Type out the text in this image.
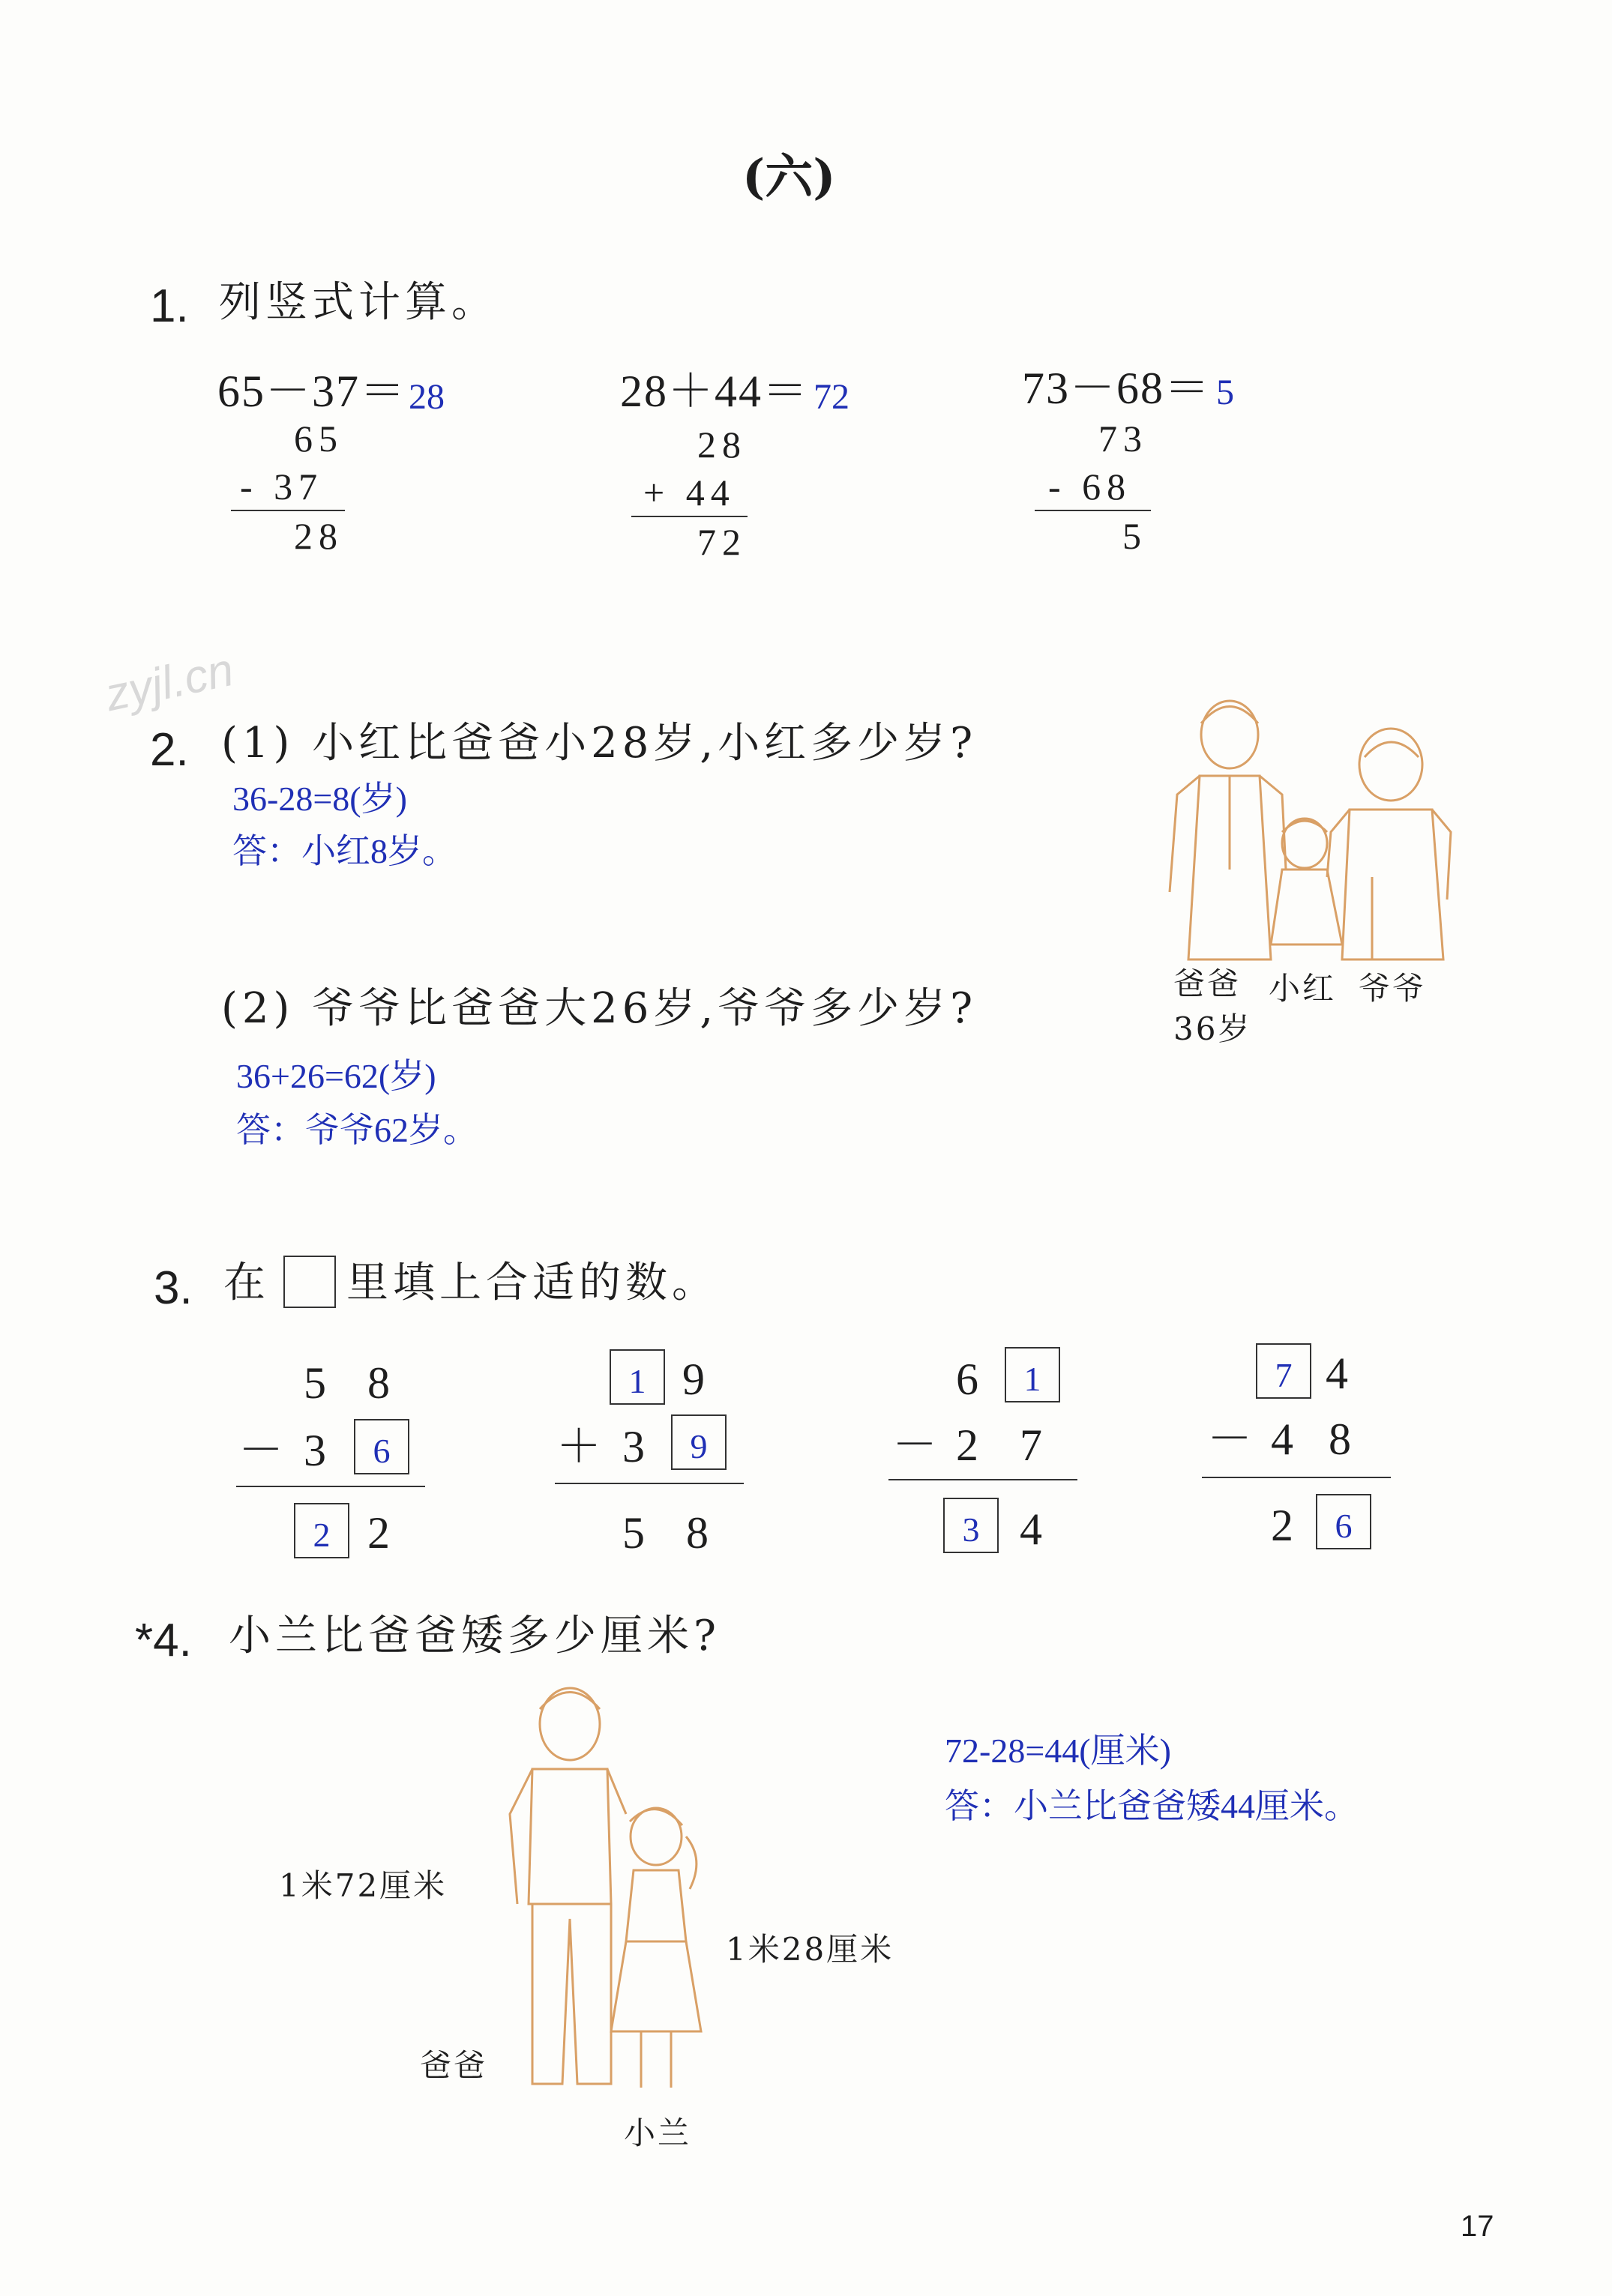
(六)
zyjl.cn
1. 列竖式计算。
65－37＝ 28
65
- 37
28
28＋44＝ 72
28
+ 44
72
73－68＝ 5
73
- 68
5
2. (1) 小红比爸爸小28岁,小红多少岁?
36-28=8(岁)
答：小红8岁。
(2) 爷爷比爸爸大26岁,爷爷多少岁?
36+26=62(岁)
答：爷爷62岁。
爸爸
36岁
小红 爷爷
3. 在 里填上合适的数。
5 8
－ 3	6
2 2
1 9
＋ 3	9
5 8
6	1
－ 2 7
3 4
7 4
－ 4 8
2	6
*4. 小兰比爸爸矮多少厘米?
1米72厘米
1米28厘米
爸爸
小兰
72-28=44(厘米)
答：小兰比爸爸矮44厘米。
17
